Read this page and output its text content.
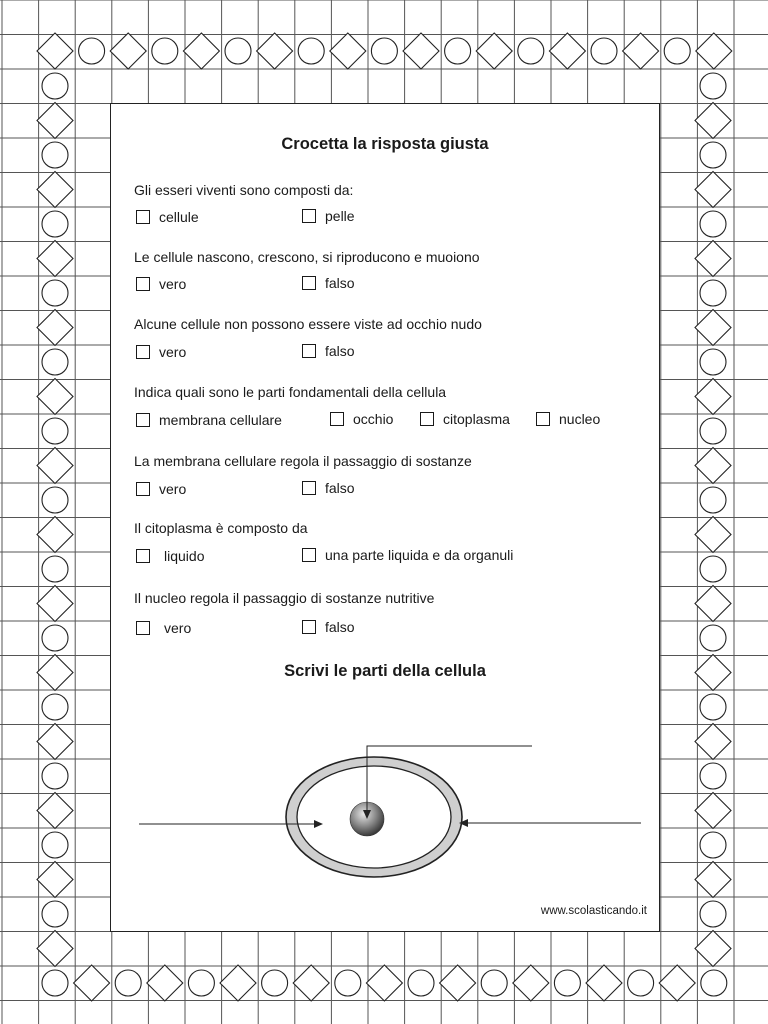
Crocetta la risposta giusta
Gli esseri viventi sono composti da:
cellule	pelle
Le cellule nascono, crescono, si riproducono e muoiono
vero	falso
Alcune cellule non possono essere viste ad occhio nudo
vero	falso
Indica quali sono le parti fondamentali della cellula
membrana cellulare	occhio	citoplasma	nucleo
La membrana cellulare regola il passaggio di sostanze
vero	falso
Il citoplasma è composto da
liquido	una parte liquida e da organuli
Il nucleo regola il passaggio di sostanze nutritive
vero	falso
Scrivi le parti della cellula
www.scolasticando.it
